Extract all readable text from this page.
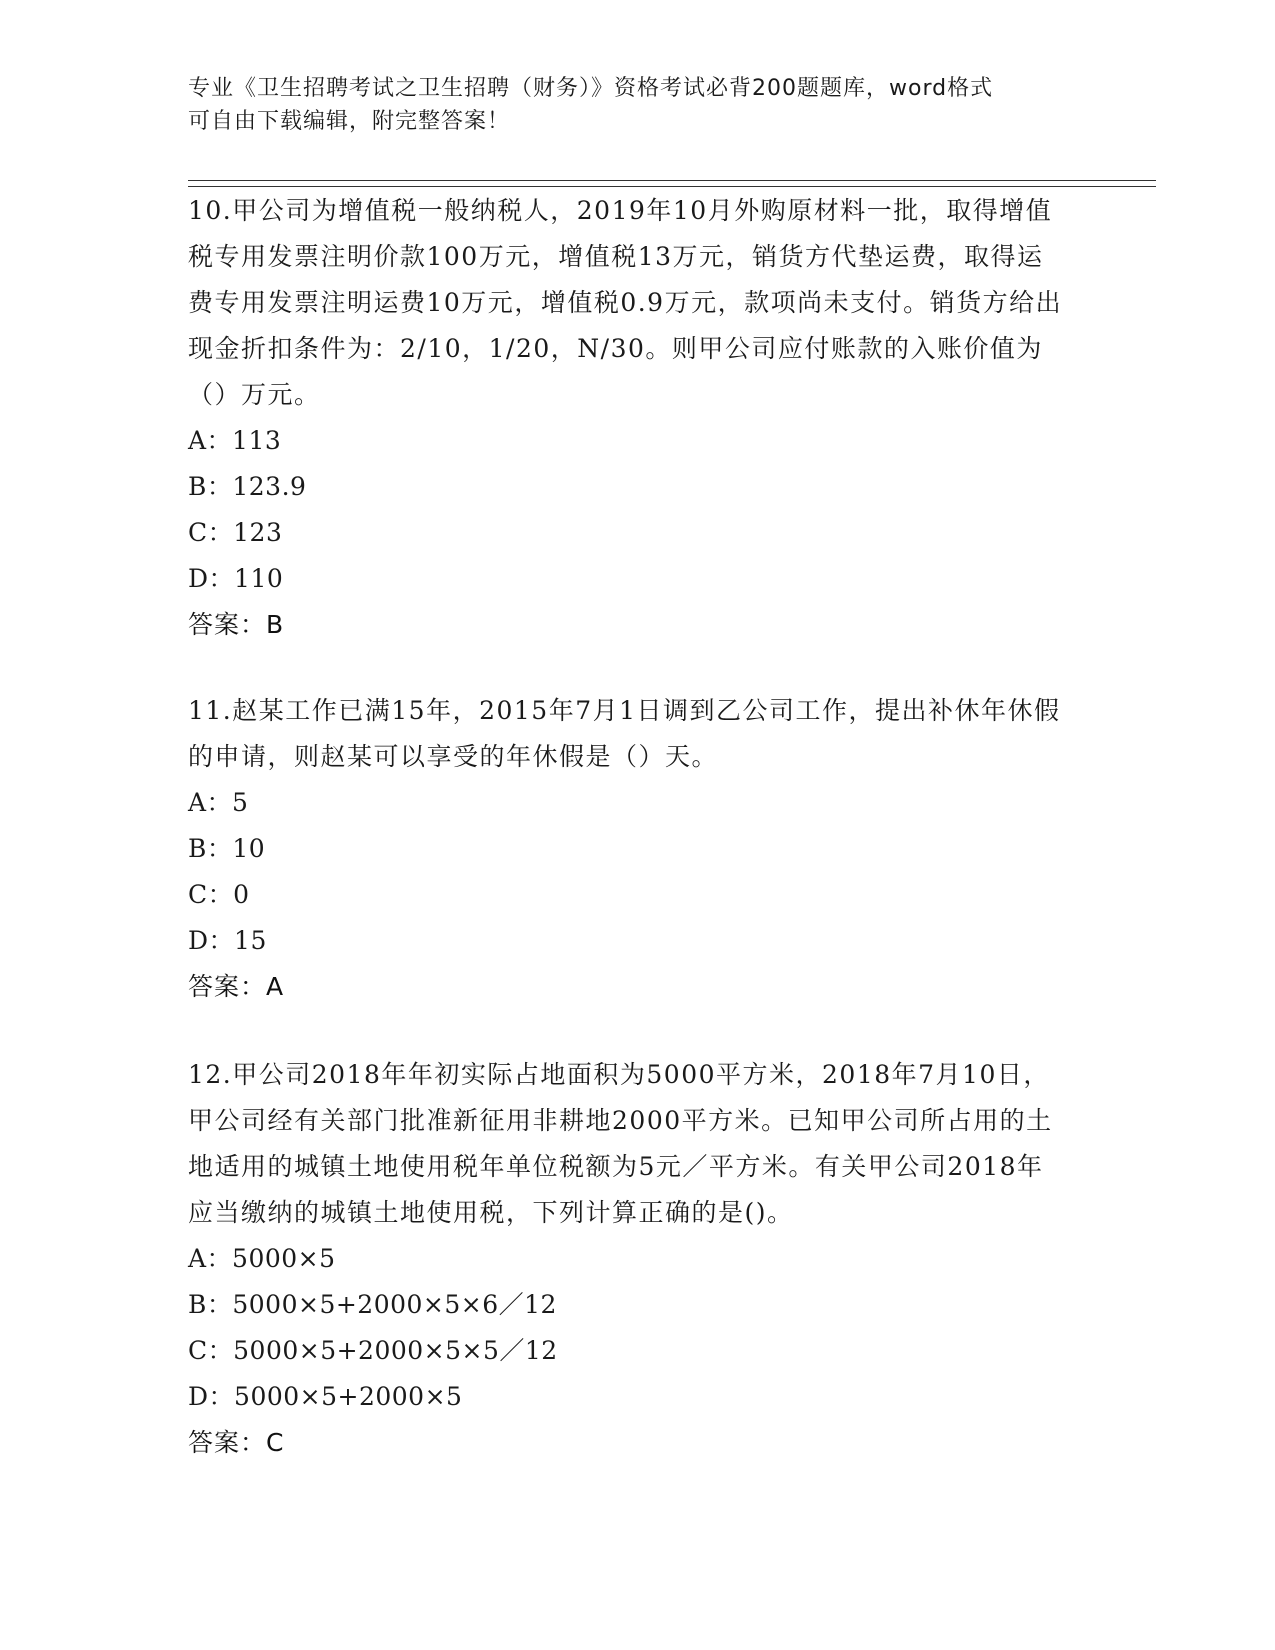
专业《卫生招聘考试之卫生招聘（财务）》资格考试必背200题题库，word格式
可自由下载编辑，附完整答案！

10.甲公司为增值税一般纳税人，2019年10月外购原材料一批，取得增值税专用发票注明价款100万元，增值税13万元，销货方代垫运费，取得运费专用发票注明运费10万元，增值税0.9万元，款项尚未支付。销货方给出现金折扣条件为：2/10，1/20，N/30。则甲公司应付账款的入账价值为（）万元。

A：113

B：123.9

C：123

D：110

答案：B

11.赵某工作已满15年，2015年7月1日调到乙公司工作，提出补休年休假的申请，则赵某可以享受的年休假是（）天。

A：5

B：10

C：0

D：15

答案：A

12.甲公司2018年年初实际占地面积为5000平方米，2018年7月10日，甲公司经有关部门批准新征用非耕地2000平方米。已知甲公司所占用的土地适用的城镇土地使用税年单位税额为5元／平方米。有关甲公司2018年应当缴纳的城镇土地使用税，下列计算正确的是()。

A：5000×5

B：5000×5+2000×5×6／12

C：5000×5+2000×5×5／12

D：5000×5+2000×5

答案：C
